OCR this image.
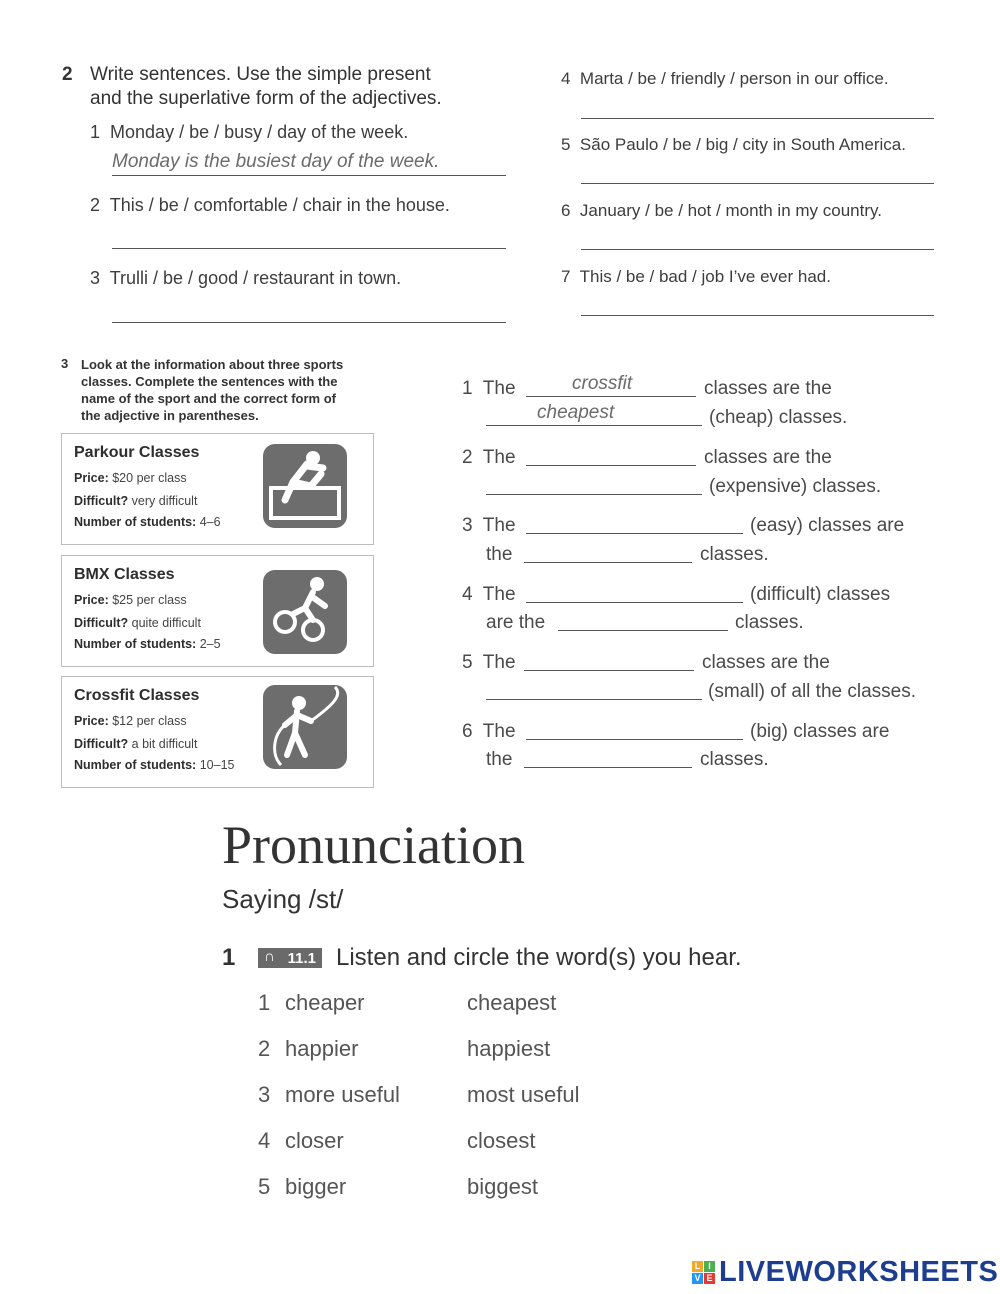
2 Write sentences. Use the simple present
and the superlative form of the adjectives.
1 Monday / be / busy / day of the week.
Monday is the busiest day of the week.
2 This / be / comfortable / chair in the house.
3 Trulli / be / good / restaurant in town.
4 Marta / be / friendly / person in our office.
5 São Paulo / be / big / city in South America.
6 January / be / hot / month in my country.
7 This / be / bad / job I’ve ever had.
3 Look at the information about three sports
classes. Complete the sentences with the
name of the sport and the correct form of
the adjective in parentheses.
Parkour Classes
Price: $20 per class
Difficult? very difficult
Number of students: 4–6
BMX Classes
Price: $25 per class
Difficult? quite difficult
Number of students: 2–5
Crossfit Classes
Price: $12 per class
Difficult? a bit difficult
Number of students: 10–15
1 The	crossfit	classes are the
cheapest	(cheap) classes.
2 The	classes are the
(expensive) classes.
3 The	(easy) classes are
the	classes.
4 The	(difficult) classes
are the	classes.
5 The	classes are the
(small) of all the classes.
6 The	(big) classes are
the	classes.
Pronunciation
Saying /st/
1 ∩ 11.1 Listen and circle the word(s) you hear.
1 cheaper	cheapest
2 happier	happiest
3 more useful	most useful
4 closer	closest
5 bigger	biggest
L I
V E LIVEWORKSHEETS
